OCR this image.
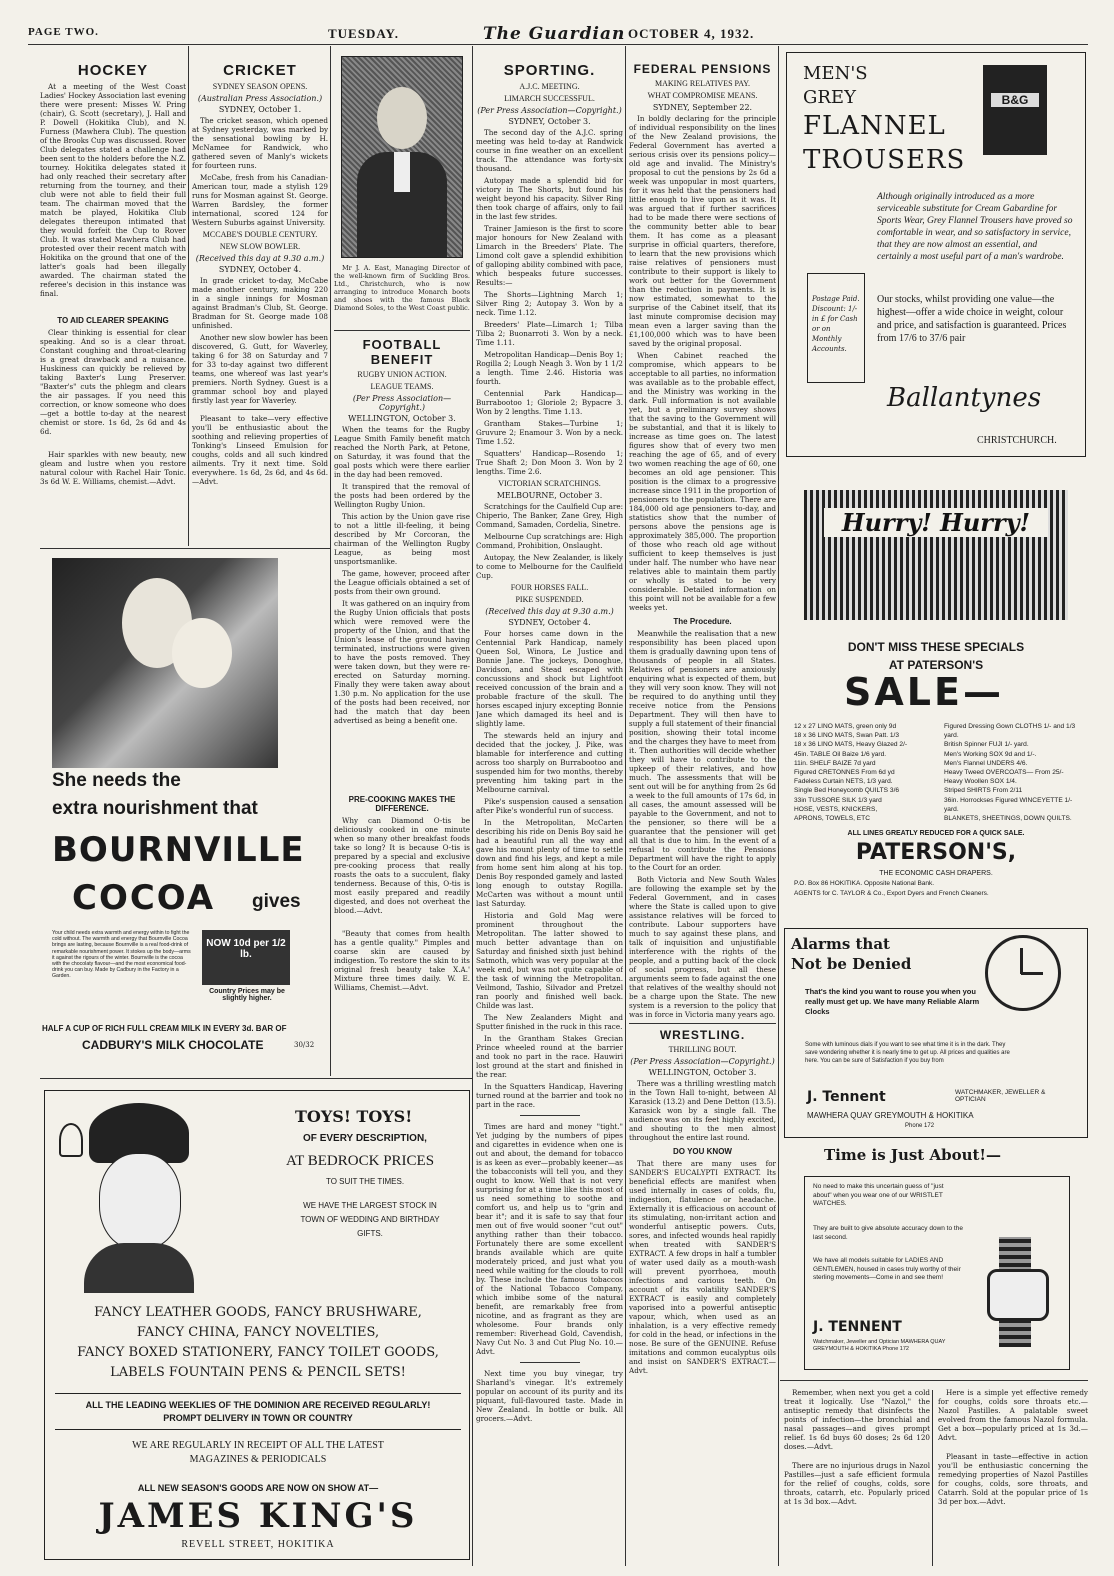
PAGE TWO.	TUESDAY.	The Guardian OCTOBER 4, 1932.
HOCKEY

At a meeting of the West Coast Ladies' Hockey Association last evening there were present: Misses W. Pring (chair), G. Scott (secretary), J. Hall and P. Dowell (Hokitika Club), and N. Furness (Mawhera Club). The question of the Brooks Cup was discussed. Rover Club delegates stated a challenge had been sent to the holders before the N.Z. tourney. Hokitika delegates stated it had only reached their secretary after returning from the tourney, and their club were not able to field their full team. The chairman moved that the match be played, Hokitika Club delegates thereupon intimated that they would forfeit the Cup to Rover Club. It was stated Mawhera Club had protested over their recent match with Hokitika on the ground that one of the latter's goals had been illegally awarded. The chairman stated the referee's decision in this instance was final.

TO AID CLEARER SPEAKING

Clear thinking is essential for clear speaking. And so is a clear throat. Constant coughing and throat-clearing is a great drawback and a nuisance. Huskiness can quickly be relieved by taking Baxter's Lung Preserver. "Baxter's" cuts the phlegm and clears the air passages. If you need this correction, or know someone who does—get a bottle to-day at the nearest chemist or store. 1s 6d, 2s 6d and 4s 6d.

Hair sparkles with new beauty, new gleam and lustre when you restore natural colour with Rachel Hair Tonic. 3s 6d W. E. Williams, chemist.—Advt.

CRICKET
SYDNEY SEASON OPENS.
(Australian Press Association.)
SYDNEY, October 1.

The cricket season, which opened at Sydney yesterday, was marked by the sensational bowling by H. McNamee for Randwick, who gathered seven of Manly's wickets for fourteen runs.

McCabe, fresh from his Canadian-American tour, made a stylish 129 runs for Mosman against St. George. Warren Bardsley, the former international, scored 124 for Western Suburbs against University.

MCCABE'S DOUBLE CENTURY.
NEW SLOW BOWLER.
(Received this day at 9.30 a.m.)
SYDNEY, October 4.

In grade cricket to-day, McCabe made another century, making 220 in a single innings for Mosman against Bradman's Club, St. George. Bradman for St. George made 108 unfinished.

Another new slow bowler has been discovered, G. Gutt, for Waverley, taking 6 for 38 on Saturday and 7 for 33 to-day against two different teams, one whereof was last year's premiers. North Sydney. Guest is a grammar school boy and played firstly last year for Waverley.

Pleasant to take—very effective you'll be enthusiastic about the soothing and relieving properties of Tonking's Linseed Emulsion for coughs, colds and all such kindred ailments. Try it next time. Sold everywhere. 1s 6d, 2s 6d, and 4s 6d.—Advt.

Mr J. A. East, Managing Director of the well-known firm of Suckling Bros. Ltd., Christchurch, who is now arranging to introduce Monarch boots and shoes with the famous Black Diamond Soles, to the West Coast public.

FOOTBALL BENEFIT
RUGBY UNION ACTION.
LEAGUE TEAMS.
(Per Press Association—Copyright.)
WELLINGTON, October 3.

When the teams for the Rugby League Smith Family benefit match reached the North Park, at Petone, on Saturday, it was found that the goal posts which were there earlier in the day had been removed.

It transpired that the removal of the posts had been ordered by the Wellington Rugby Union.

This action by the Union gave rise to not a little ill-feeling, it being described by Mr Corcoran, the chairman of the Wellington Rugby League, as being most unsportsmanlike.

The game, however, proceed after the League officials obtained a set of posts from their own ground.

It was gathered on an inquiry from the Rugby Union officials that posts which were removed were the property of the Union, and that the Union's lease of the ground having terminated, instructions were given to have the posts removed. They were taken down, but they were re-erected on Saturday morning. Finally they were taken away about 1.30 p.m. No application for the use of the posts had been received, nor had the match that day been advertised as being a benefit one.

PRE-COOKING MAKES THE DIFFERENCE.

Why can Diamond O-tis be deliciously cooked in one minute when so many other breakfast foods take so long? It is because O-tis is prepared by a special and exclusive pre-cooking process that really roasts the oats to a succulent, flaky tenderness. Because of this, O-tis is most easily prepared and readily digested, and does not overheat the blood.—Advt.

"Beauty that comes from health has a gentle quality." Pimples and coarse skin are caused by indigestion. To restore the skin to its original fresh beauty take X.A.' Mixture three times daily. W. E. Williams, Chemist.—Advt.

She needs the
extra nourishment that
BOURNVILLE
COCOA gives

Your child needs extra warmth and energy within to fight the cold without. The warmth and energy that Bournville Cocoa brings are lasting, because Bournville is a real food-drink of remarkable nourishment power. It stokes up the body—arms it against the rigours of the winter. Bournville is the cocoa with the chocolaty flavour—and the most economical food-drink you can buy. Made by Cadbury in the Factory in a Garden.

NOW 10d per 1/2 lb.
Country Prices may be slightly higher.
HALF A CUP OF RICH FULL CREAM MILK IN EVERY 3d. BAR OF
CADBURY'S MILK CHOCOLATE	30/32
TOYS! TOYS!
OF EVERY DESCRIPTION,
AT BEDROCK PRICES
TO SUIT THE TIMES.
WE HAVE THE LARGEST STOCK IN TOWN OF WEDDING AND BIRTHDAY GIFTS.
FANCY LEATHER GOODS, FANCY BRUSHWARE,
FANCY CHINA, FANCY NOVELTIES,
FANCY BOXED STATIONERY, FANCY TOILET GOODS,
LABELS FOUNTAIN PENS & PENCIL SETS!
ALL THE LEADING WEEKLIES OF THE DOMINION ARE RECEIVED REGULARLY! PROMPT DELIVERY IN TOWN OR COUNTRY
WE ARE REGULARLY IN RECEIPT OF ALL THE LATEST MAGAZINES & PERIODICALS
ALL NEW SEASON'S GOODS ARE NOW ON SHOW AT—
JAMES KING'S
REVELL STREET, HOKITIKA
SPORTING.
A.J.C. MEETING.
LIMARCH SUCCESSFUL.
(Per Press Association—Copyright.)
SYDNEY, October 3.

The second day of the A.J.C. spring meeting was held to-day at Randwick course in fine weather on an excellent track. The attendance was forty-six thousand.

Autopay made a splendid bid for victory in The Shorts, but found his weight beyond his capacity. Silver Ring then took charge of affairs, only to fail in the last few strides.

Trainer Jamieson is the first to score major honours for New Zealand with Limarch in the Breeders' Plate. The Limond colt gave a splendid exhibition of galloping ability combined with pace, which bespeaks future successes. Results:—

The Shorts—Lightning March 1; Silver Ring 2; Autopay 3. Won by a neck. Time 1.12.

Breeders' Plate—Limarch 1; Tilba Tilba 2; Buonarroti 3. Won by a neck. Time 1.11.

Metropolitan Handicap—Denis Boy 1; Rogilla 2; Lough Neagh 3. Won by 1 1/2 a length. Time 2.46. Historia was fourth.

Centennial Park Handicap—Burrabootoo 1; Gloriole 2; Bypacre 3. Won by 2 lengths. Time 1.13.

Grantham Stakes—Turbine 1; Gruvure 2; Enamour 3. Won by a neck. Time 1.52.

Squatters' Handicap—Rosendo 1; True Shaft 2; Don Moon 3. Won by 2 lengths. Time 2.6.

VICTORIAN SCRATCHINGS.
MELBOURNE, October 3.

Scratchings for the Caulfield Cup are: Chiperio, The Banker, Zane Grey, High Command, Samaden, Cordelia, Sinetre.

Melbourne Cup scratchings are: High Command, Prohibition, Onslaught.

Autopay, the New Zealander, is likely to come to Melbourne for the Caulfield Cup.

FOUR HORSES FALL.
PIKE SUSPENDED.
(Received this day at 9.30 a.m.)
SYDNEY, October 4.

Four horses came down in the Centennial Park Handicap, namely Queen Sol, Winora, Le Justice and Bonnie Jane. The jockeys, Donoghue, Davidson, and Stead escaped with concussions and shock but Lightfoot received concussion of the brain and a probable fracture of the skull. The horses escaped injury excepting Bonnie Jane which damaged its heel and is slightly lame.

The stewards held an injury and decided that the jockey, J. Pike, was blamable for interference and cutting across too sharply on Burrabootoo and suspended him for two months, thereby preventing him taking part in the Melbourne carnival.

Pike's suspension caused a sensation after Pike's wonderful run of success.

In the Metropolitan, McCarten describing his ride on Denis Boy said he had a beautiful run all the way and gave his mount plenty of time to settle down and find his legs, and kept a mile from home sent him along at his top. Denis Boy responded gamely and lasted long enough to outstay Rogilla. McCarten was without a mount until last Saturday.

Historia and Gold Mag were prominent throughout the Metropolitan. The latter showed to much better advantage than on Saturday and finished sixth just behind Satmoth, which was very popular at the week end, but was not quite capable of the task of winning the Metropolitan. Veilmond, Tashio, Silvador and Pretzel ran poorly and finished well back. Childe was last.

The New Zealanders Might and Sputter finished in the ruck in this race.

In the Grantham Stakes Grecian Prince wheeled round at the barrier and took no part in the race. Hauwiri lost ground at the start and finished in the rear.

In the Squatters Handicap, Havering turned round at the barrier and took no part in the race.

Times are hard and money "tight." Yet judging by the numbers of pipes and cigarettes in evidence when one is out and about, the demand for tobacco is as keen as ever—probably keener—as the tobacconists will tell you, and they ought to know. Well that is not very surprising for at a time like this most of us need something to soothe and comfort us, and help us to "grin and bear it"; and it is safe to say that four men out of five would sooner "cut out" anything rather than their tobacco. Fortunately there are some excellent brands available which are quite moderately priced, and just what you need while waiting for the clouds to roll by. These include the famous tobaccos of the National Tobacco Company, which imbibe some of the natural benefit, are remarkably free from nicotine, and as fragrant as they are wholesome. Four brands only remember: Riverhead Gold, Cavendish, Navy Cut No. 3 and Cut Plug No. 10.—Advt.

Next time you buy vinegar, try Sharland's vinegar. It's extremely popular on account of its purity and its piquant, full-flavoured taste. Made in New Zealand. In bottle or bulk. All grocers.—Advt.

FEDERAL PENSIONS
MAKING RELATIVES PAY.
WHAT COMPROMISE MEANS.
SYDNEY, September 22.

In boldly declaring for the principle of individual responsibility on the lines of the New Zealand provisions, the Federal Government has averted a serious crisis over its pensions policy—old age and invalid. The Ministry's proposal to cut the pensions by 2s 6d a week was unpopular in most quarters, for it was held that the pensioners had little enough to live upon as it was. It was argued that if further sacrifices had to be made there were sections of the community better able to bear them. It has come as a pleasant surprise in official quarters, therefore, to learn that the new provisions which raise relatives of pensioners must contribute to their support is likely to work out better for the Government than the reduction in payments. It is now estimated, somewhat to the surprise of the Cabinet itself, that its last minute compromise decision may mean even a larger saving than the £1,100,000 which was to have been saved by the original proposal.

When Cabinet reached the compromise, which appears to be acceptable to all parties, no information was available as to the probable effect, and the Ministry was working in the dark. Full information is not available yet, but a preliminary survey shows that the saving to the Government will be substantial, and that it is likely to increase as time goes on. The latest figures show that of every two men reaching the age of 65, and of every two women reaching the age of 60, one becomes an old age pensioner. This position is the climax to a progressive increase since 1911 in the proportion of pensioners to the population. There are 184,000 old age pensioners to-day, and statistics show that the number of persons above the pensions age is approximately 385,000. The proportion of those who reach old age without sufficient to keep themselves is just under half. The number who have near relatives able to maintain them partly or wholly is stated to be very considerable. Detailed information on this point will not be available for a few weeks yet.

The Procedure.

Meanwhile the realisation that a new responsibility has been placed upon them is gradually dawning upon tens of thousands of people in all States. Relatives of pensioners are anxiously enquiring what is expected of them, but they will very soon know. They will not be required to do anything until they receive notice from the Pensions Department. They will then have to supply a full statement of their financial position, showing their total income and the charges they have to meet from it. Then authorities will decide whether they will have to contribute to the upkeep of their relatives, and how much. The assessments that will be sent out will be for anything from 2s 6d a week to the full amounts of 17s 6d, in all cases, the amount assessed will be payable to the Government, and not to the pensioner, so there will be a guarantee that the pensioner will get all that is due to him. In the event of a refusal to contribute the Pensions Department will have the right to apply to the Court for an order.

Both Victoria and New South Wales are following the example set by the Federal Government, and in cases where the State is called upon to give assistance relatives will be forced to contribute. Labour supporters have much to say against these plans, and talk of inquisition and unjustifiable interference with the rights of the people, and a putting back of the clock of social progress, but all these arguments seem to fade against the one that relatives of the wealthy should not be a charge upon the State. The new system is a reversion to the policy that was in force in Victoria many years ago.

WRESTLING.
THRILLING BOUT.
(Per Press Association—Copyright.)
WELLINGTON, October 3.

There was a thrilling wrestling match in the Town Hall to-night, between Al Karasick (13.2) and Dene Detton (13.5). Karasick won by a single fall. The audience was on its feet highly excited, and shouting to the men almost throughout the entire last round.

DO YOU KNOW

That there are many uses for SANDER'S EUCALYPTI EXTRACT. Its beneficial effects are manifest when used internally in cases of colds, flu, indigestion, flatulence or headache. Externally it is efficacious on account of its stimulating, non-irritant action and wonderful antiseptic powers. Cuts, sores, and infected wounds heal rapidly when treated with SANDER'S EXTRACT. A few drops in half a tumbler of water used daily as a mouth-wash will prevent pyorrhoea, mouth infections and carious teeth. On account of its volatility SANDER'S EXTRACT is easily and completely vaporised into a powerful antiseptic vapour, which, when used as an inhalation, is a very effective remedy for cold in the head, or infections in the nose. Be sure of the GENUINE. Refuse imitations and common eucalyptus oils and insist on SANDER'S EXTRACT.—Advt.

MEN'S
GREY
FLANNEL
TROUSERS
B&G

Although originally introduced as a more serviceable substitute for Cream Gabardine for Sports Wear, Grey Flannel Trousers have proved so comfortable in wear, and so satisfactory in service, that they are now almost an essential, and certainly a most useful part of a man's wardrobe.

Postage Paid. Discount: 1/- in £ for Cash or on Monthly Accounts.

Our stocks, whilst providing one value—the highest—offer a wide choice in weight, colour and price, and satisfaction is guaranteed. Prices from 17/6 to 37/6 pair

Ballantynes
CHRISTCHURCH.
Hurry! Hurry!
DON'T MISS THESE SPECIALS
AT PATERSON'S
SALE—
12 x 27 LINO MATS, green only 9d
18 x 36 LINO MATS, Swan Patt. 1/3
18 x 36 LINO MATS, Heavy Glazed 2/-
45in. TABLE Oil Baize 1/6 yard.
11in. SHELF BAIZE 7d yard
Figured CRETONNES From 6d yd
Fadeless Curtain NETS, 1/3 yard.
Single Bed Honeycomb QUILTS 3/6
33in TUSSORE SILK 1/3 yard
HOSE, VESTS, KNICKERS,
APRONS, TOWELS, ETC
Figured Dressing Gown CLOTHS 1/- and 1/3 yard.
British Spinner FUJI 1/- yard.
Men's Working SOX 9d and 1/-.
Men's Flannel UNDERS 4/6.
Heavy Tweed OVERCOATS— From 25/-
Heavy Woollen SOX 1/4.
Striped SHIRTS From 2/11
36in. Horrockses Figured WINCEYETTE 1/- yard.
BLANKETS, SHEETINGS, DOWN QUILTS.
ALL LINES GREATLY REDUCED FOR A QUICK SALE.
PATERSON'S,
THE ECONOMIC CASH DRAPERS.
P.O. Box 86 HOKITIKA. Opposite National Bank.
AGENTS for C. TAYLOR & Co., Export Dyers and French Cleaners.
Alarms that
Not be Denied
That's the kind you want to rouse you when you really must get up. We have many Reliable Alarm Clocks
Some with luminous dials if you want to see what time it is in the dark. They save wondering whether it is nearly time to get up. All prices and qualities are here. You can be sure of Satisfaction if you buy from
J. Tennent	WATCHMAKER, JEWELLER & OPTICIAN
MAWHERA QUAY GREYMOUTH & HOKITIKA
Phone 172
Time is Just About!—
No need to make this uncertain guess of "just about" when you wear one of our WRISTLET WATCHES.
They are built to give absolute accuracy down to the last second.
We have all models suitable for LADIES AND GENTLEMEN, housed in cases truly worthy of their sterling movements—Come in and see them!
J. TENNENT
Watchmaker, Jeweller and Optician MAWHERA QUAY GREYMOUTH & HOKITIKA Phone 172

Remember, when next you get a cold treat it logically. Use "Nazol," the antiseptic remedy that disinfects the points of infection—the bronchial and nasal passages—and gives prompt relief. 1s 6d buys 60 doses; 2s 6d 120 doses.—Advt.

There are no injurious drugs in Nazol Pastilles—just a safe efficient formula for the relief of coughs, colds, sore throats, catarrh, etc. Popularly priced at 1s 3d box.—Advt.

Here is a simple yet effective remedy for coughs, colds sore throats etc.—Nazol Pastilles. A palatable sweet evolved from the famous Nazol formula. Get a box—popularly priced at 1s 3d.—Advt.

Pleasant in taste—effective in action you'll be enthusiastic concerning the remedying properties of Nazol Pastilles for coughs, colds, sore throats, and Catarrh. Sold at the popular price of 1s 3d per box.—Advt.
